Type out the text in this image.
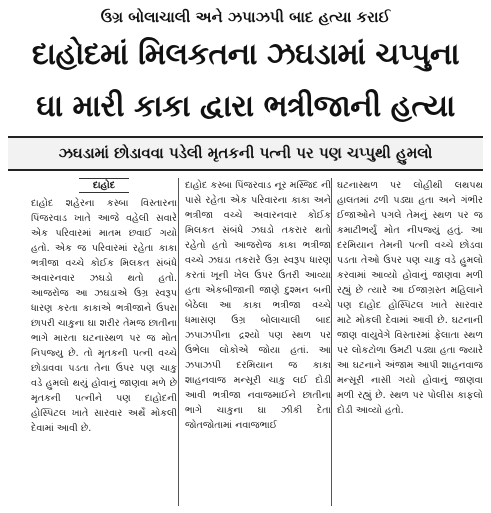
ઉગ્ર બોલાચાલી અને ઝપાઝપી બાદ હત્યા કરાઈ
દાહોદમાં મિલકતના ઝઘડામાં ચપ્પુના
ઘા મારી કાકા દ્વારા ભત્રીજાની હત્યા
ઝઘડામાં છોડાવવા પડેલી મૃતકની પત્ની પર પણ ચપ્પુથી હુમલો
દાહોદ

દાહોદ શહેરના કસ્બા વિસ્તારના પિંજરવાડ ખાતે આજે વહેલી સવારે એક પરિવારમાં માતમ છવાઈ ગયો હતો. એક જ પરિવારમાં રહેતા કાકા ભત્રીજા વચ્ચે કોઈક મિલકત સંબંધે અવારનવાર ઝઘડો થતો હતો. આજરોજ આ ઝઘડાએ ઉગ્ર સ્વરૂપ ધારણ કરતા કાકાએ ભત્રીજાને ઉપરા છાપરી ચાકુના ઘા શરીર તેમજ છાતીના ભાગે મારતા ઘટનાસ્થળ પર જ મોત નિપજ્યુ છે. તો મૃતકની પત્ની વચ્ચે છોડાવવા પડતા તેના ઉપર પણ ચાકુ વડે હુમલો થયું હોવાનું જાણવા મળે છે મૃતકની પત્નીને પણ દાહોદની હોસ્પિટલ ખાતે સારવાર અર્થે મોકલી દેવામાં આવી છે.

દાહોદ કસ્બા પિંજરવાડ નૂર મસ્જિદ ની પાસે રહેતા એક પરિવારના કાકા અને ભત્રીજા વચ્ચે અવારનવાર કોઈક મિલકત સંબંધે ઝઘડો તકરાર થતો રહેતો હતો આજરોજ કાકા ભત્રીજા વચ્ચે ઝઘડા તકરારે ઉગ્ર સ્વરૂપ ધારણ કરતાં ખૂની ખેલ ઉપર ઉતરી આવ્યા હતા એકબીજાની જાણે દુશ્મન બની બેઠેલા આ કાકા ભત્રીજા વચ્ચે ધમાસણ ઉગ્ર બોલાચાલી બાદ ઝપાઝપીના દ્રશ્યો પણ સ્થળ પર ઉભેલા લોકોએ જોયા હતાં. આ ઝપાઝપી દરમિયાન જ કાકા શાહનવાજ મન્સૂરી ચાકુ લઈ દોડી આવી ભત્રીજા નવાજમાઈને છાતીના ભાગે ચાકુના ઘા ઝીકી દેતા જોતજોતામાં નવાજભાઈ

ઘટનાસ્થળ પર લોહીથી લથપથ હાલતમાં ઢળી પડ્યા હતા અને ગંભીર ઈજાઓને પગલે તેમનું સ્થળ પર જ કમાટીભર્યું મોત નીપજ્યું હતું. આ દરમિયાન તેમની પત્ની વચ્ચે છોડવા પડતા તેઓ ઉપર પણ ચાકુ વડે હુમલો કરવામાં આવ્યો હોવાનું જાણવા મળી રહ્યું છે ત્યારે આ ઈજાગ્રસ્ત મહિલાને પણ દાહોદ હોસ્પિટલ ખાતે સારવાર માટે મોકલી દેવામાં આવી છે. ઘટનાની જાણ વાયુવેગે વિસ્તારમાં ફેલાતા સ્થળ પર લોકટોળા ઉમટી પડ્યા હતા જ્યારે આ ઘટનાને અંજામ આપી શાહનવાજ મન્સૂરી નાસી ગયો હોવાનું જાણવા મળી રહ્યું છે. સ્થળ પર પોલીસ કાફલો દોડી આવ્યો હતો.
